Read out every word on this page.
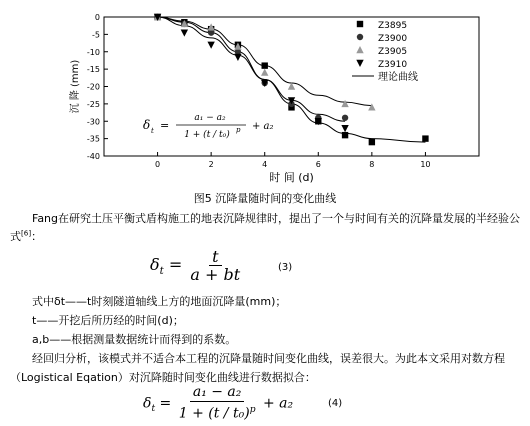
0	2	4	6	8	10
0
-5
-10
-15
-20
-25
-30
-35
-40
时 间 (d)
沉 降 (mm)
Z3895
Z3900
Z3905
Z3910
理论曲线
δ t =
a₁ − a₂
1 + (t / t₀) p + a₂
图5 沉降量随时间的变化曲线
Fang在研究土压平衡式盾构施工的地表沉降规律时，提出了一个与时间有关的沉降量发展的半经验公
式[6]：
$\delta_t = \frac{t}{a + bt}$	(3)
式中δt——t时刻隧道轴线上方的地面沉降量(mm)；
t——开挖后所历经的时间(d)；
a,b——根据测量数据统计而得到的系数。
经回归分析，该模式并不适合本工程的沉降量随时间变化曲线，误差很大。为此本文采用对数方程
（Logistical Eqation）对沉降随时间变化曲线进行数据拟合：
$\delta_t = \frac{\text{a₁ − a₂}}{1 + (t / t_0)^p} + a_2$	(4)
